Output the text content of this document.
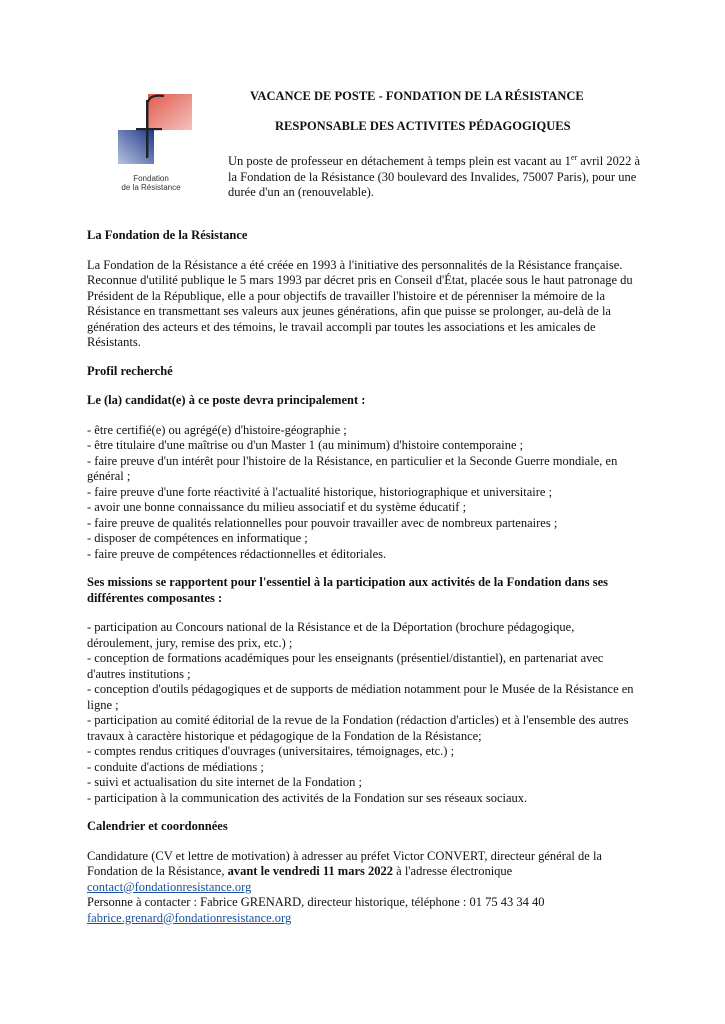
Fondation
de la Résistance
VACANCE DE POSTE - FONDATION DE LA RÉSISTANCE
RESPONSABLE DES ACTIVITES PÉDAGOGIQUES
Un poste de professeur en détachement à temps plein est vacant au 1er avril 2022 à la Fondation de la Résistance (30 boulevard des Invalides, 75007 Paris), pour une durée d'un an (renouvelable).
La Fondation de la Résistance

La Fondation de la Résistance a été créée en 1993 à l'initiative des personnalités de la Résistance française. Reconnue d'utilité publique le 5 mars 1993 par décret pris en Conseil d'État, placée sous le haut patronage du Président de la République, elle a pour objectifs de travailler l'histoire et de pérenniser la mémoire de la Résistance en transmettant ses valeurs aux jeunes générations, afin que puisse se prolonger, au-delà de la génération des acteurs et des témoins, le travail accompli par toutes les associations et les amicales de Résistants.

Profil recherché
Le (la) candidat(e) à ce poste devra principalement :
- être certifié(e) ou agrégé(e) d'histoire-géographie ;
- être titulaire d'une maîtrise ou d'un Master 1 (au minimum) d'histoire contemporaine ;
- faire preuve d'un intérêt pour l'histoire de la Résistance, en particulier et la Seconde Guerre mondiale, en général ;
- faire preuve d'une forte réactivité à l'actualité historique, historiographique et universitaire ;
- avoir une bonne connaissance du milieu associatif et du système éducatif ;
- faire preuve de qualités relationnelles pour pouvoir travailler avec de nombreux partenaires ;
- disposer de compétences en informatique ;
- faire preuve de compétences rédactionnelles et éditoriales.
Ses missions se rapportent pour l'essentiel à la participation aux activités de la Fondation dans ses différentes composantes :
- participation au Concours national de la Résistance et de la Déportation (brochure pédagogique, déroulement, jury, remise des prix, etc.) ;
- conception de formations académiques pour les enseignants (présentiel/distantiel), en partenariat avec d'autres institutions ;
- conception d'outils pédagogiques et de supports de médiation notamment pour le Musée de la Résistance en ligne ;
- participation au comité éditorial de la revue de la Fondation (rédaction d'articles) et à l'ensemble des autres travaux à caractère historique et pédagogique de la Fondation de la Résistance;
- comptes rendus critiques d'ouvrages (universitaires, témoignages, etc.) ;
- conduite d'actions de médiations ;
- suivi et actualisation du site internet de la Fondation ;
- participation à la communication des activités de la Fondation sur ses réseaux sociaux.
Calendrier et coordonnées

Candidature (CV et lettre de motivation) à adresser au préfet Victor CONVERT, directeur général de la Fondation de la Résistance, avant le vendredi 11 mars 2022 à l'adresse électronique

contact@fondationresistance.org

Personne à contacter : Fabrice GRENARD, directeur historique, téléphone : 01 75 43 34 40

fabrice.grenard@fondationresistance.org
